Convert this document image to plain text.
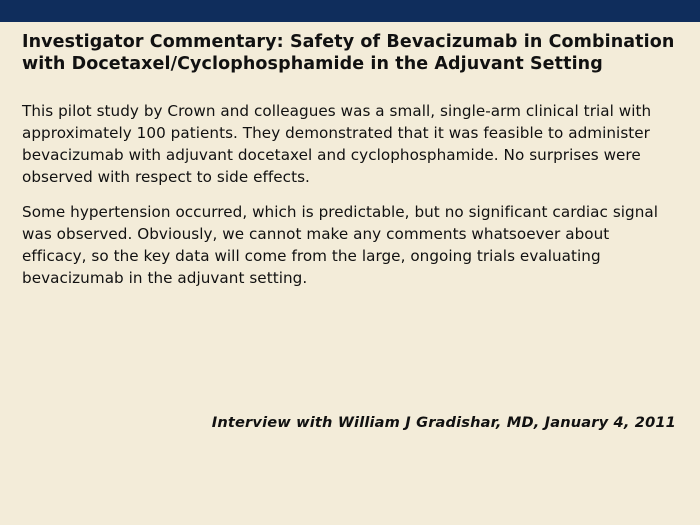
Investigator Commentary: Safety of Bevacizumab in Combination with Docetaxel/Cyclophosphamide in the Adjuvant Setting

This pilot study by Crown and colleagues was a small, single-arm clinical trial with approximately 100 patients. They demonstrated that it was feasible to administer bevacizumab with adjuvant docetaxel and cyclophosphamide. No surprises were observed with respect to side effects.

Some hypertension occurred, which is predictable, but no significant cardiac signal was observed. Obviously, we cannot make any comments whatsoever about efficacy, so the key data will come from the large, ongoing trials evaluating bevacizumab in the adjuvant setting.

Interview with William J Gradishar, MD, January 4, 2011
